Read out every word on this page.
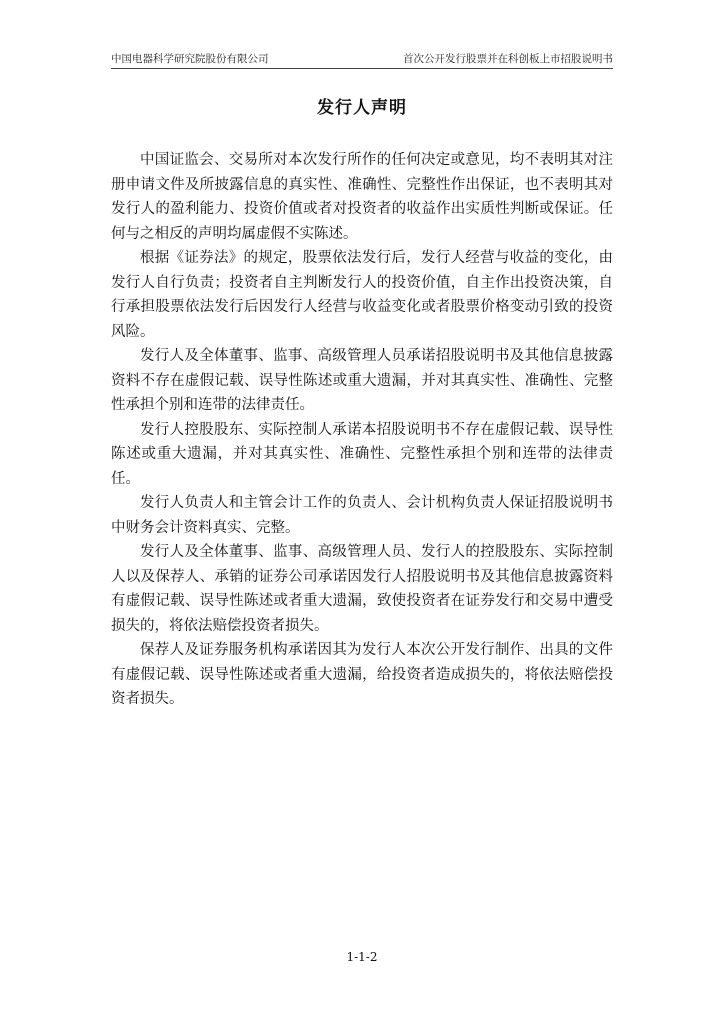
中国电器科学研究院股份有限公司	首次公开发行股票并在科创板上市招股说明书
发行人声明

中国证监会、交易所对本次发行所作的任何决定或意见，均不表明其对注册申请文件及所披露信息的真实性、准确性、完整性作出保证，也不表明其对发行人的盈利能力、投资价值或者对投资者的收益作出实质性判断或保证。任何与之相反的声明均属虚假不实陈述。

根据《证券法》的规定，股票依法发行后，发行人经营与收益的变化，由发行人自行负责；投资者自主判断发行人的投资价值，自主作出投资决策，自行承担股票依法发行后因发行人经营与收益变化或者股票价格变动引致的投资风险。

发行人及全体董事、监事、高级管理人员承诺招股说明书及其他信息披露资料不存在虚假记载、误导性陈述或重大遗漏，并对其真实性、准确性、完整性承担个别和连带的法律责任。

发行人控股股东、实际控制人承诺本招股说明书不存在虚假记载、误导性陈述或重大遗漏，并对其真实性、准确性、完整性承担个别和连带的法律责任。

发行人负责人和主管会计工作的负责人、会计机构负责人保证招股说明书中财务会计资料真实、完整。

发行人及全体董事、监事、高级管理人员、发行人的控股股东、实际控制人以及保荐人、承销的证券公司承诺因发行人招股说明书及其他信息披露资料有虚假记载、误导性陈述或者重大遗漏，致使投资者在证券发行和交易中遭受损失的，将依法赔偿投资者损失。

保荐人及证券服务机构承诺因其为发行人本次公开发行制作、出具的文件有虚假记载、误导性陈述或者重大遗漏，给投资者造成损失的，将依法赔偿投资者损失。

1-1-2
